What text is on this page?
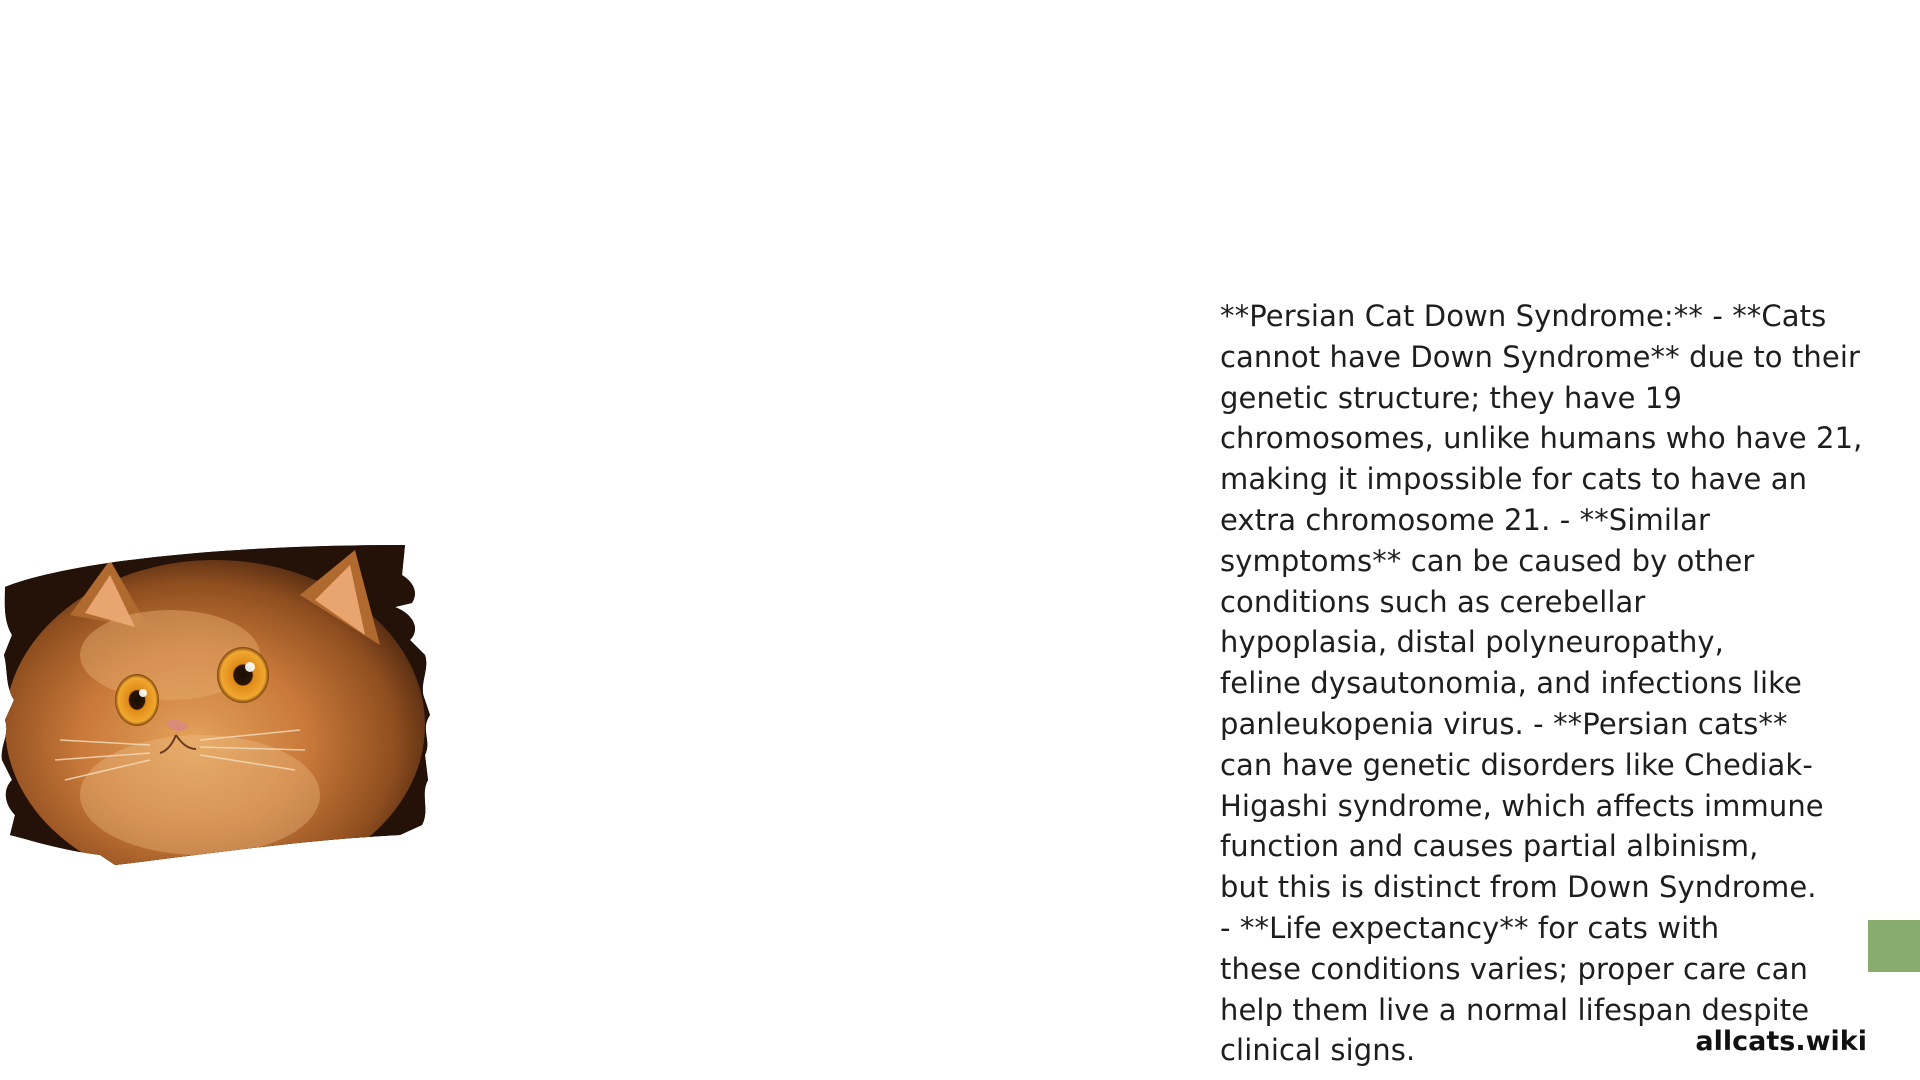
**Persian Cat Down Syndrome:** - **Cats
cannot have Down Syndrome** due to their
genetic structure; they have 19
chromosomes, unlike humans who have 21,
making it impossible for cats to have an
extra chromosome 21. - **Similar
symptoms** can be caused by other
conditions such as cerebellar
hypoplasia, distal polyneuropathy,
feline dysautonomia, and infections like
panleukopenia virus. - **Persian cats**
can have genetic disorders like Chediak-
Higashi syndrome, which affects immune
function and causes partial albinism,
but this is distinct from Down Syndrome.
- **Life expectancy** for cats with
these conditions varies; proper care can
help them live a normal lifespan despite
clinical signs.	allcats.wiki
